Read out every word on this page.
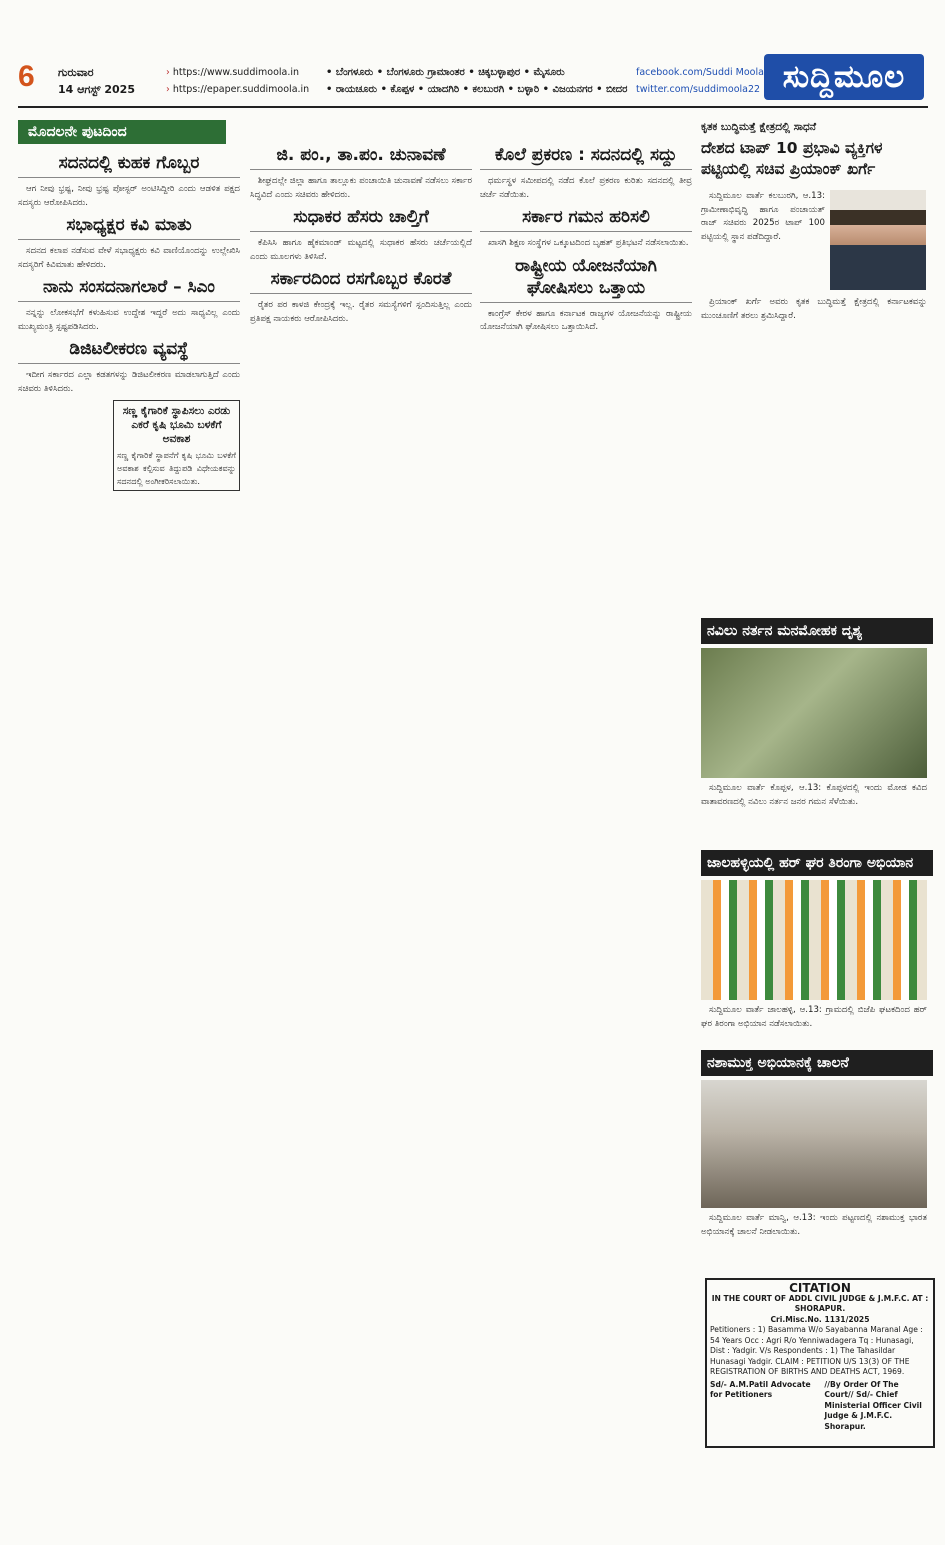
6 ಗುರುವಾರ
14 ಆಗಸ್ಟ್ 2025
› https://www.suddimoola.in
› https://epaper.suddimoola.in
• ಬೆಂಗಳೂರು • ಬೆಂಗಳೂರು ಗ್ರಾಮಾಂತರ • ಚಿಕ್ಕಬಳ್ಳಾಪುರ • ಮೈಸೂರು
• ರಾಯಚೂರು • ಕೊಪ್ಪಳ • ಯಾದಗಿರಿ • ಕಲಬುರಗಿ • ಬಳ್ಳಾರಿ • ವಿಜಯನಗರ • ಬೀದರ
facebook.com/Suddi Moola
twitter.com/suddimoola22 ಸುದ್ದಿಮೂಲ
ಮೊದಲನೇ ಪುಟದಿಂದ
ಸದನದಲ್ಲಿ ಕುಹಕ ಗೊಬ್ಬರ

ಆಗ ನೀವು ಭ್ರಷ್ಟ, ನೀವು ಭ್ರಷ್ಟ ಪೋಸ್ಟರ್ ಅಂಟಿಸಿದ್ದೀರಿ ಎಂದು ಆಡಳಿತ ಪಕ್ಷದ ಸದಸ್ಯರು ಆರೋಪಿಸಿದರು.

ಸಭಾಧ್ಯಕ್ಷರ ಕವಿ ಮಾತು

ಸದನದ ಕಲಾಪ ನಡೆಸುವ ವೇಳೆ ಸಭಾಧ್ಯಕ್ಷರು ಕವಿ ವಾಣಿಯೊಂದನ್ನು ಉಲ್ಲೇಖಿಸಿ ಸದಸ್ಯರಿಗೆ ಕಿವಿಮಾತು ಹೇಳಿದರು.

ನಾನು ಸಂಸದನಾಗಲಾರೆ – ಸಿಎಂ

ನನ್ನನ್ನು ಲೋಕಸಭೆಗೆ ಕಳುಹಿಸುವ ಉದ್ದೇಶ ಇದ್ದರೆ ಅದು ಸಾಧ್ಯವಿಲ್ಲ ಎಂದು ಮುಖ್ಯಮಂತ್ರಿ ಸ್ಪಷ್ಟಪಡಿಸಿದರು.

ಡಿಜಿಟಲೀಕರಣ ವ್ಯವಸ್ಥೆ

ಇದೀಗ ಸರ್ಕಾರದ ಎಲ್ಲಾ ಕಡತಗಳನ್ನು ಡಿಜಿಟಲೀಕರಣ ಮಾಡಲಾಗುತ್ತಿದೆ ಎಂದು ಸಚಿವರು ತಿಳಿಸಿದರು.

ಸಣ್ಣ ಕೈಗಾರಿಕೆ ಸ್ಥಾಪಿಸಲು ಎರಡು ಎಕರೆ ಕೃಷಿ ಭೂಮಿ ಬಳಕೆಗೆ ಅವಕಾಶ
ಸಣ್ಣ ಕೈಗಾರಿಕೆ ಸ್ಥಾಪನೆಗೆ ಕೃಷಿ ಭೂಮಿ ಬಳಕೆಗೆ ಅವಕಾಶ ಕಲ್ಪಿಸುವ ತಿದ್ದುಪಡಿ ವಿಧೇಯಕವನ್ನು ಸದನದಲ್ಲಿ ಅಂಗೀಕರಿಸಲಾಯಿತು.
ಜಿ. ಪಂ., ತಾ.ಪಂ. ಚುನಾವಣೆ

ಶೀಘ್ರದಲ್ಲೇ ಜಿಲ್ಲಾ ಹಾಗೂ ತಾಲ್ಲೂಕು ಪಂಚಾಯಿತಿ ಚುನಾವಣೆ ನಡೆಸಲು ಸರ್ಕಾರ ಸಿದ್ಧವಿದೆ ಎಂದು ಸಚಿವರು ಹೇಳಿದರು.

ಸುಧಾಕರ ಹೆಸರು ಚಾಲ್ತಿಗೆ

ಕೆಪಿಸಿಸಿ ಹಾಗೂ ಹೈಕಮಾಂಡ್ ಮಟ್ಟದಲ್ಲಿ ಸುಧಾಕರ ಹೆಸರು ಚರ್ಚೆಯಲ್ಲಿದೆ ಎಂದು ಮೂಲಗಳು ತಿಳಿಸಿವೆ.

ಸರ್ಕಾರದಿಂದ ರಸಗೊಬ್ಬರ ಕೊರತೆ

ರೈತರ ಪರ ಕಾಳಜಿ ಕೇಂದ್ರಕ್ಕೆ ಇಲ್ಲ. ರೈತರ ಸಮಸ್ಯೆಗಳಿಗೆ ಸ್ಪಂದಿಸುತ್ತಿಲ್ಲ ಎಂದು ಪ್ರತಿಪಕ್ಷ ನಾಯಕರು ಆರೋಪಿಸಿದರು.

ಕೊಲೆ ಪ್ರಕರಣ : ಸದನದಲ್ಲಿ ಸದ್ದು

ಧರ್ಮಸ್ಥಳ ಸಮೀಪದಲ್ಲಿ ನಡೆದ ಕೊಲೆ ಪ್ರಕರಣ ಕುರಿತು ಸದನದಲ್ಲಿ ತೀವ್ರ ಚರ್ಚೆ ನಡೆಯಿತು.

ಸರ್ಕಾರ ಗಮನ ಹರಿಸಲಿ

ಖಾಸಗಿ ಶಿಕ್ಷಣ ಸಂಸ್ಥೆಗಳ ಒಕ್ಕೂಟದಿಂದ ಬೃಹತ್ ಪ್ರತಿಭಟನೆ ನಡೆಸಲಾಯಿತು.

ರಾಷ್ಟ್ರೀಯ ಯೋಜನೆಯಾಗಿ ಘೋಷಿಸಲು ಒತ್ತಾಯ

ಕಾಂಗ್ರೆಸ್ ಕೇರಳ ಹಾಗೂ ಕರ್ನಾಟಕ ರಾಜ್ಯಗಳ ಯೋಜನೆಯನ್ನು ರಾಷ್ಟ್ರೀಯ ಯೋಜನೆಯಾಗಿ ಘೋಷಿಸಲು ಒತ್ತಾಯಿಸಿದೆ.

ಕೃತಕ ಬುದ್ಧಿಮತ್ತೆ ಕ್ಷೇತ್ರದಲ್ಲಿ ಸಾಧನೆ
ದೇಶದ ಟಾಪ್ 10 ಪ್ರಭಾವಿ ವ್ಯಕ್ತಿಗಳ ಪಟ್ಟಿಯಲ್ಲಿ ಸಚಿವ ಪ್ರಿಯಾಂಕ್ ಖರ್ಗೆ

ಸುದ್ದಿಮೂಲ ವಾರ್ತೆ ಕಲಬುರಗಿ, ಆ.13: ಗ್ರಾಮೀಣಾಭಿವೃದ್ಧಿ ಹಾಗೂ ಪಂಚಾಯತ್ ರಾಜ್ ಸಚಿವರು 2025ರ ಟಾಪ್ 100 ಪಟ್ಟಿಯಲ್ಲಿ ಸ್ಥಾನ ಪಡೆದಿದ್ದಾರೆ.

ಪ್ರಿಯಾಂಕ್ ಖರ್ಗೆ ಅವರು ಕೃತಕ ಬುದ್ಧಿಮತ್ತೆ ಕ್ಷೇತ್ರದಲ್ಲಿ ಕರ್ನಾಟಕವನ್ನು ಮುಂಚೂಣಿಗೆ ತರಲು ಶ್ರಮಿಸಿದ್ದಾರೆ.

ನವಿಲು ನರ್ತನ ಮನಮೋಹಕ ದೃಶ್ಯ

ಸುದ್ದಿಮೂಲ ವಾರ್ತೆ ಕೊಪ್ಪಳ, ಆ.13: ಕೊಪ್ಪಳದಲ್ಲಿ ಇಂದು ಮೋಡ ಕವಿದ ವಾತಾವರಣದಲ್ಲಿ ನವಿಲು ನರ್ತನ ಜನರ ಗಮನ ಸೆಳೆಯಿತು.

ಜಾಲಹಳ್ಳಿಯಲ್ಲಿ ಹರ್ ಘರ ತಿರಂಗಾ ಅಭಿಯಾನ

ಸುದ್ದಿಮೂಲ ವಾರ್ತೆ ಜಾಲಹಳ್ಳಿ, ಆ.13: ಗ್ರಾಮದಲ್ಲಿ ಬಿಜೆಪಿ ಘಟಕದಿಂದ ಹರ್ ಘರ ತಿರಂಗಾ ಅಭಿಯಾನ ನಡೆಸಲಾಯಿತು.

ನಶಾಮುಕ್ತ ಅಭಿಯಾನಕ್ಕೆ ಚಾಲನೆ

ಸುದ್ದಿಮೂಲ ವಾರ್ತೆ ಮಾನ್ವಿ, ಆ.13: ಇಂದು ಪಟ್ಟಣದಲ್ಲಿ ನಶಾಮುಕ್ತ ಭಾರತ ಅಭಿಯಾನಕ್ಕೆ ಚಾಲನೆ ನೀಡಲಾಯಿತು.

CITATION
IN THE COURT OF ADDL CIVIL JUDGE & J.M.F.C. AT : SHORAPUR.
Cri.Misc.No. 1131/2025
Petitioners : 1) Basamma W/o Sayabanna Maranal Age : 54 Years Occ : Agri R/o Yenniwadagera Tq : Hunasagi, Dist : Yadgir. V/s Respondents : 1) The Tahasildar Hunasagi Yadgir. CLAIM : PETITION U/S 13(3) OF THE REGISTRATION OF BIRTHS AND DEATHS ACT, 1969.
Sd/- A.M.Patil Advocate for Petitioners
//By Order Of The Court// Sd/- Chief Ministerial Officer Civil Judge & J.M.F.C. Shorapur.
